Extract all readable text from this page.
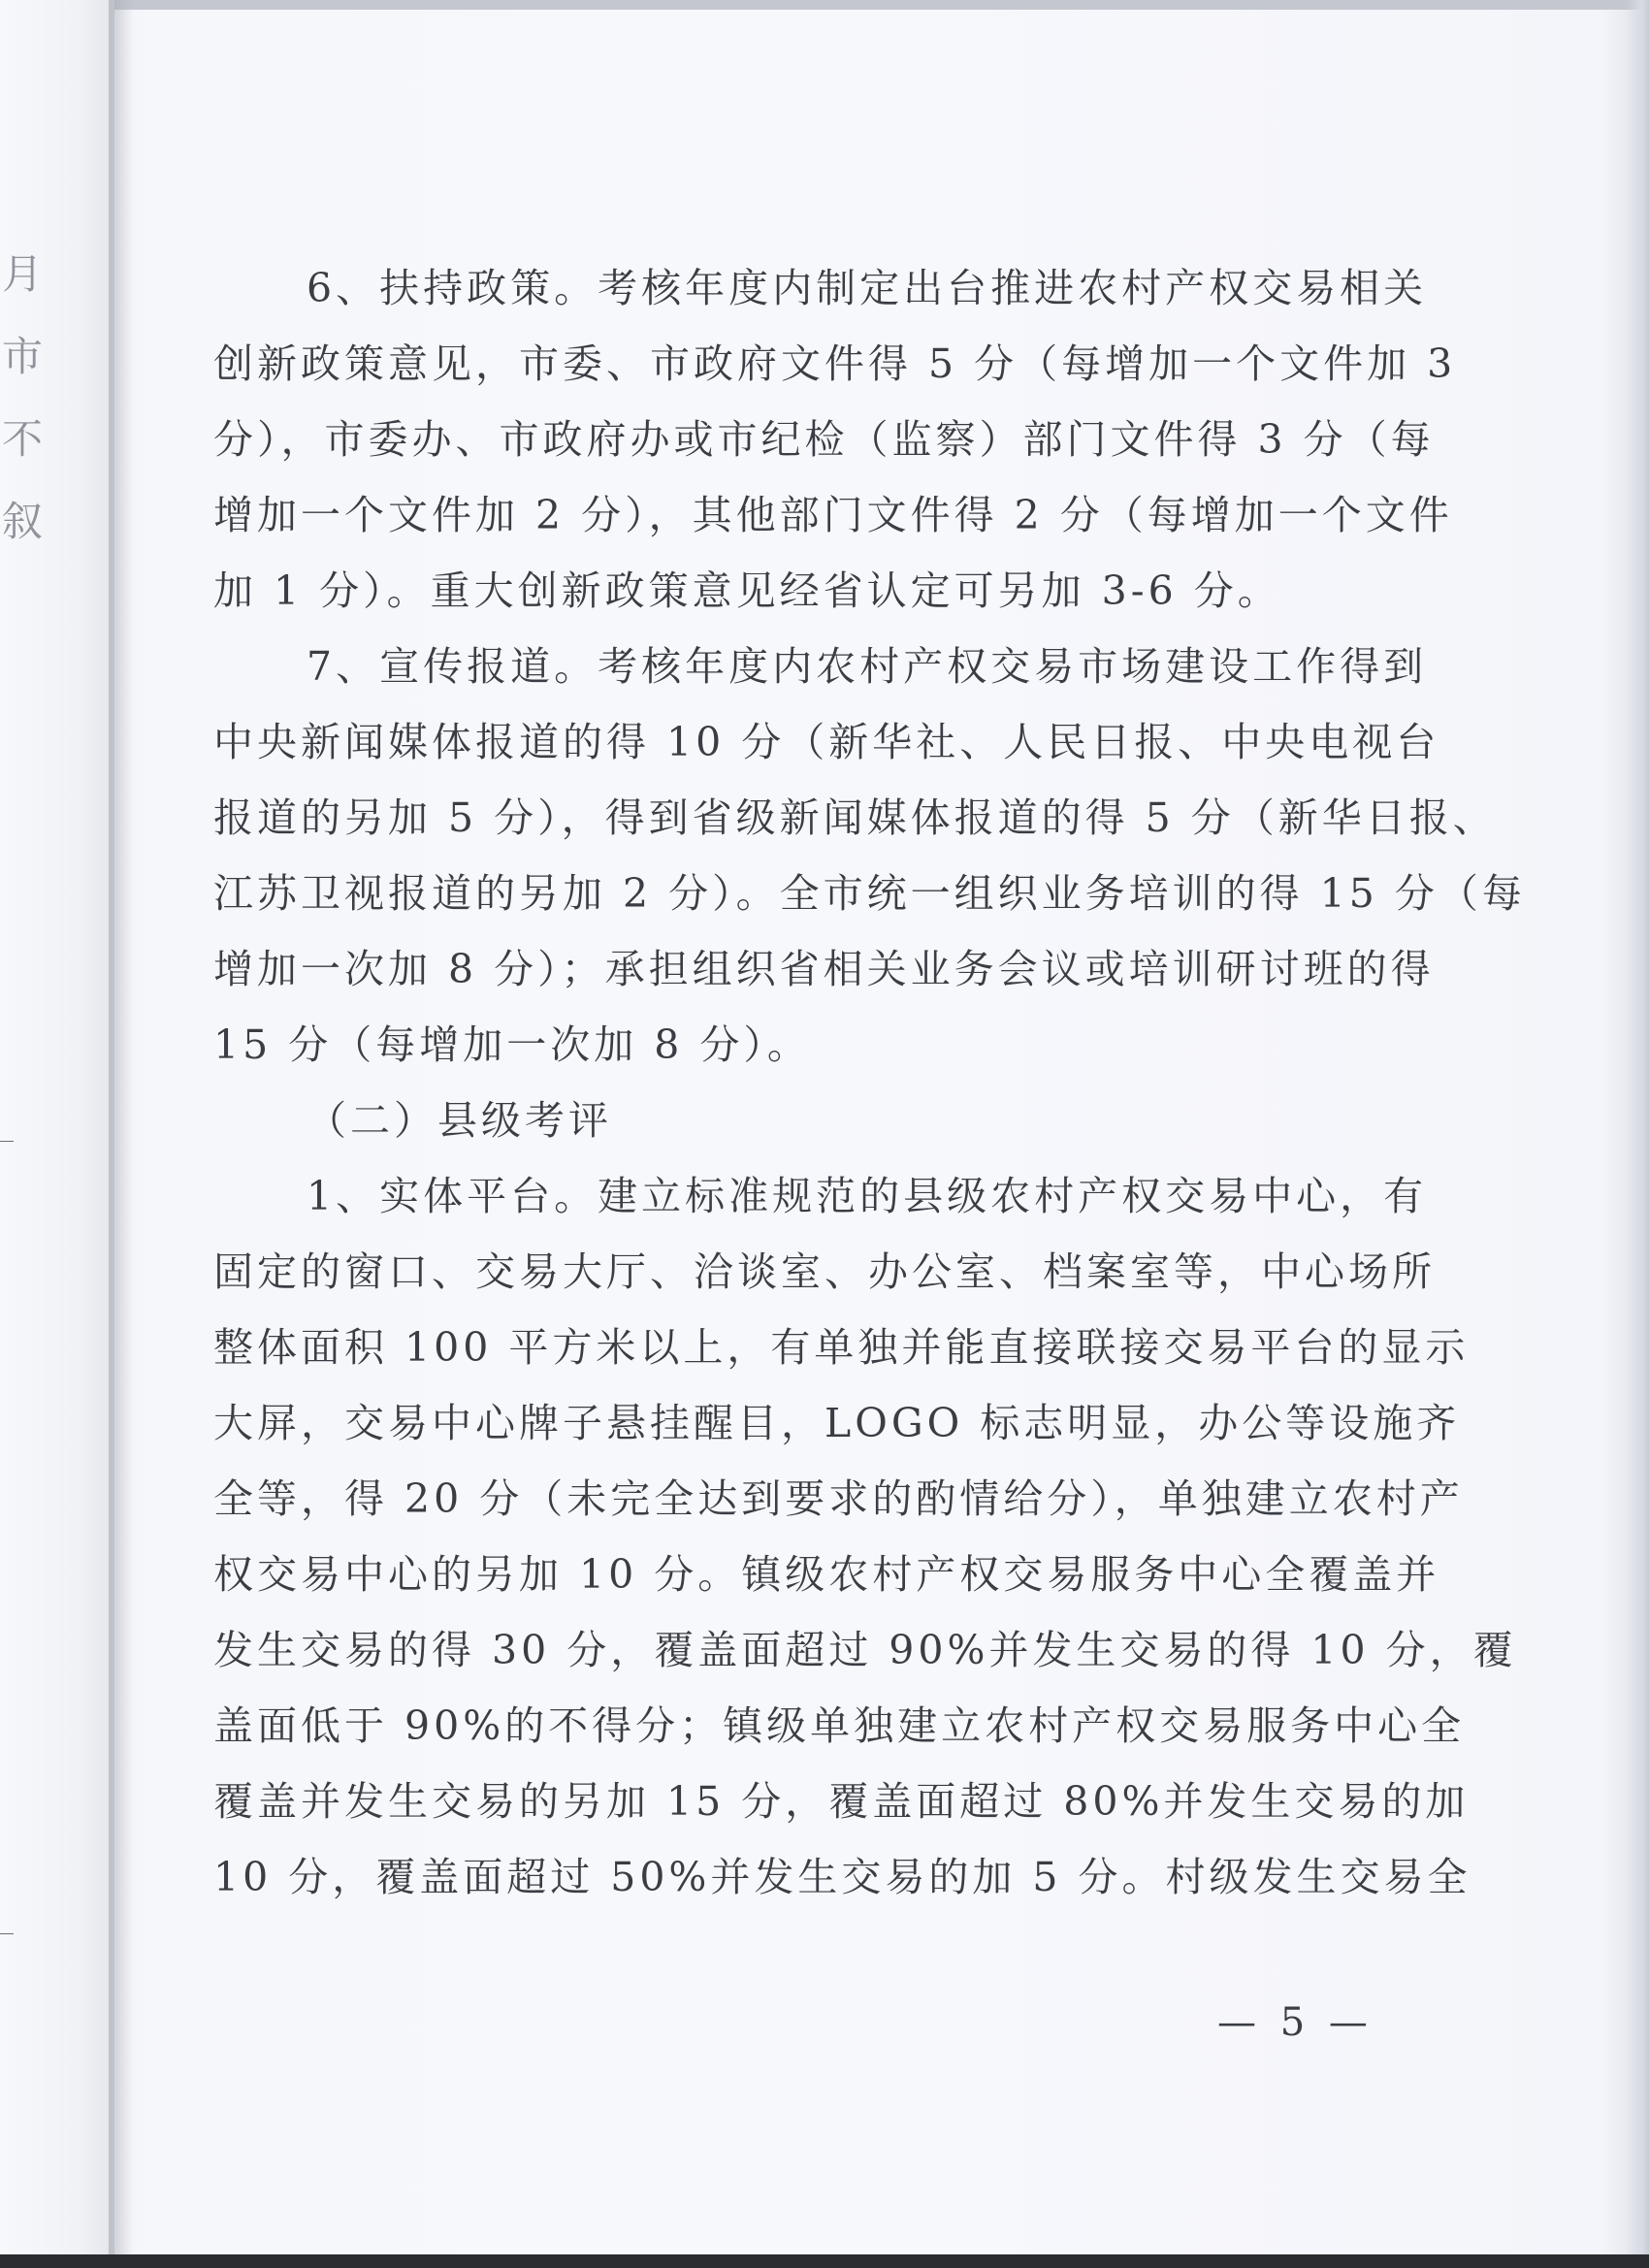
月
市
不
叙
6、扶持政策。考核年度内制定出台推进农村产权交易相关
创新政策意见，市委、市政府文件得 5 分（每增加一个文件加 3
分），市委办、市政府办或市纪检（监察）部门文件得 3 分（每
增加一个文件加 2 分），其他部门文件得 2 分（每增加一个文件
加 1 分）。重大创新政策意见经省认定可另加 3-6 分。
7、宣传报道。考核年度内农村产权交易市场建设工作得到
中央新闻媒体报道的得 10 分（新华社、人民日报、中央电视台
报道的另加 5 分），得到省级新闻媒体报道的得 5 分（新华日报、
江苏卫视报道的另加 2 分）。全市统一组织业务培训的得 15 分（每
增加一次加 8 分）；承担组织省相关业务会议或培训研讨班的得
15 分（每增加一次加 8 分）。
（二）县级考评
1、实体平台。建立标准规范的县级农村产权交易中心，有
固定的窗口、交易大厅、洽谈室、办公室、档案室等，中心场所
整体面积 100 平方米以上，有单独并能直接联接交易平台的显示
大屏，交易中心牌子悬挂醒目，LOGO 标志明显，办公等设施齐
全等，得 20 分（未完全达到要求的酌情给分），单独建立农村产
权交易中心的另加 10 分。镇级农村产权交易服务中心全覆盖并
发生交易的得 30 分，覆盖面超过 90%并发生交易的得 10 分，覆
盖面低于 90%的不得分；镇级单独建立农村产权交易服务中心全
覆盖并发生交易的另加 15 分，覆盖面超过 80%并发生交易的加
10 分，覆盖面超过 50%并发生交易的加 5 分。村级发生交易全
— 5 —
